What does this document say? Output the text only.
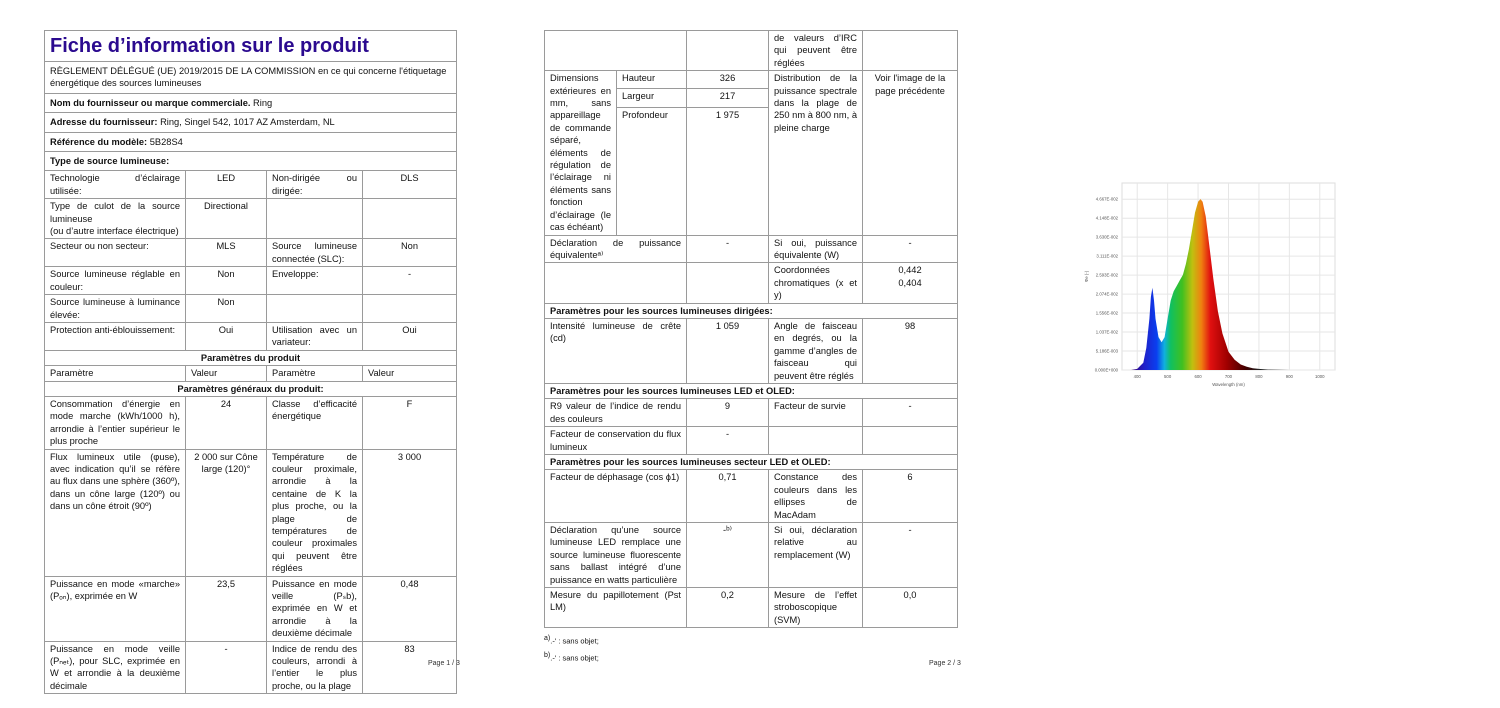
Fiche d’information sur le produit
RÈGLEMENT DÉLÉGUÉ (UE) 2019/2015 DE LA COMMISSION en ce qui concerne l'étiquetage énergétique des sources lumineuses
Nom du fournisseur ou marque commerciale. Ring
Adresse du fournisseur: Ring, Singel 542, 1017 AZ Amsterdam, NL
Référence du modèle: 5B28S4
Type de source lumineuse:
Technologie d’éclairage utilisée:	LED	Non-dirigée ou dirigée:	DLS
Type de culot de la source lumineuse
(ou d’autre interface électrique)	Directional		
Secteur ou non secteur:	MLS	Source lumineuse connectée (SLC):	Non
Source lumineuse réglable en couleur:	Non	Enveloppe:	-
Source lumineuse à luminance élevée:	Non		
Protection anti-éblouissement:	Oui	Utilisation avec un variateur:	Oui
Paramètres du produit			
Paramètre	Valeur	Paramètre	Valeur
Paramètres généraux du produit:			
Consommation d’énergie en mode marche (kWh/1000 h), arrondie à l’entier supérieur le plus proche	24	Classe d’efficacité énergétique	F
Flux lumineux utile (φuse), avec indication qu’il se réfère au flux dans une sphère (360º), dans un cône large (120º) ou dans un cône étroit (90º)	2 000 sur Cône large (120)°	Température de couleur proximale, arrondie à la centaine de K la plus proche, ou la plage de températures de couleur proximales qui peuvent être réglées	3 000
Puissance en mode «marche» (Pₒₙ), exprimée en W	23,5	Puissance en mode veille (Pₛb), exprimée en W et arrondie à la deuxième décimale	0,48
Puissance en mode veille (Pₙₑₜ), pour SLC, exprimée en W et arrondie à la deuxième décimale	-	Indice de rendu des couleurs, arrondi à l’entier le plus proche, ou la plage	83
Page 1 / 3
			de valeurs d’IRC qui peuvent être réglées	
Dimensions extérieures en mm, sans appareillage de commande séparé, éléments de régulation de l’éclairage ni éléments sans fonction d’éclairage (le cas échéant)	Hauteur	326	Distribution de la puissance spectrale dans la plage de 250 nm à 800 nm, à pleine charge	Voir l'image de la page précédente
	Largeur	217		
	Profondeur	1 975		
Déclaration de puissance équivalenteᵃ⁾		-	Si oui, puissance équivalente (W)	-
			Coordonnées chromatiques (x et y)	0,442
0,404
Paramètres pour les sources lumineuses dirigées:				
Intensité lumineuse de crête (cd)		1 059	Angle de faisceau en degrés, ou la gamme d’angles de faisceau qui peuvent être réglés	98
Paramètres pour les sources lumineuses LED et OLED:				
R9 valeur de l’indice de rendu des couleurs		9	Facteur de survie	-
Facteur de conservation du flux lumineux		-		
Paramètres pour les sources lumineuses secteur LED et OLED:				
Facteur de déphasage (cos ϕ1)		0,71	Constance des couleurs dans les ellipses de MacAdam	6
Déclaration qu’une source lumineuse LED remplace une source lumineuse fluorescente sans ballast intégré d’une puissance en watts particulière		-ᵇ⁾	Si oui, déclaration relative au remplacement (W)	-
Mesure du papillotement (Pst LM)		0,2	Mesure de l’effet stroboscopique (SVM)	0,0
$^{a)}$.-' : sans objet;
$^{b)}$.-' : sans objet;
Page 2 / 3
400	500	600	700	800	900	1000
0.000E+000
5.186E-003
1.037E-002
1.556E-002
2.074E-002
2.593E-002
3.111E-002
3.630E-002
4.148E-002
4.667E-002
Wavelength (nm)
Φe (-)
